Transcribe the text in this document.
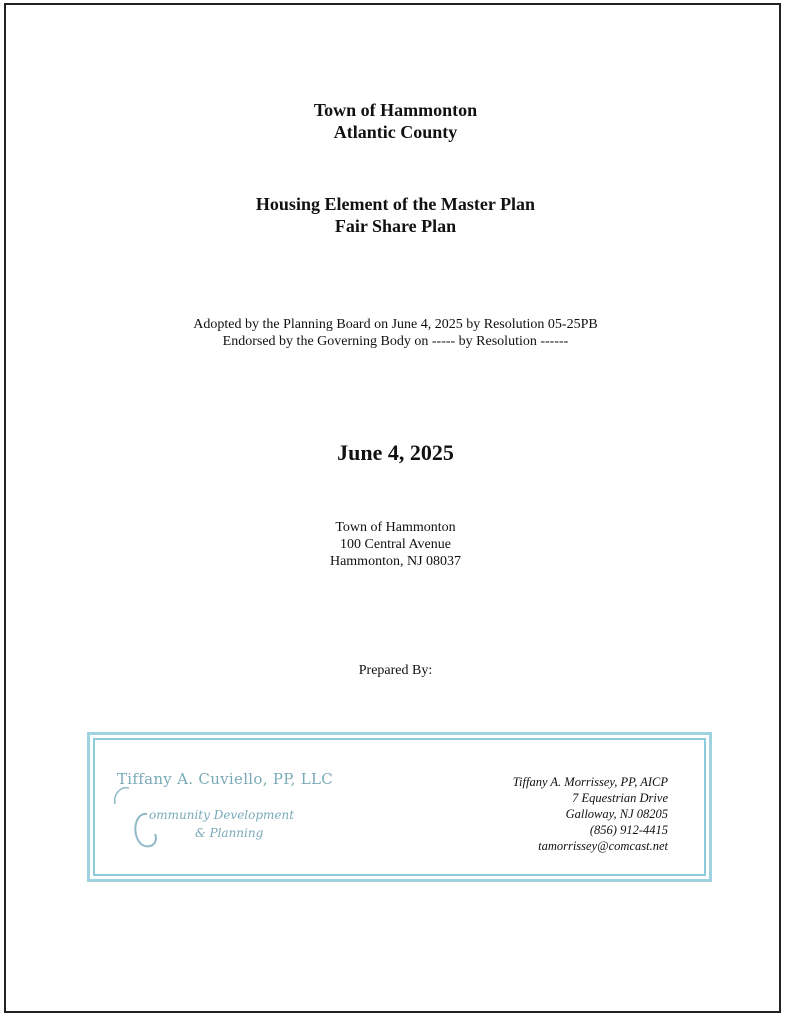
Town of Hammonton
Atlantic County
Housing Element of the Master Plan
Fair Share Plan
Adopted by the Planning Board on June 4, 2025 by Resolution 05-25PB
Endorsed by the Governing Body on ----- by Resolution ------
June 4, 2025
Town of Hammonton
100 Central Avenue
Hammonton, NJ 08037
Prepared By:
Tiffany A. Cuviello, PP, LLC
ommunity Development
& Planning
Tiffany A. Morrissey, PP, AICP
7 Equestrian Drive
Galloway, NJ 08205
(856) 912-4415
tamorrissey@comcast.net
